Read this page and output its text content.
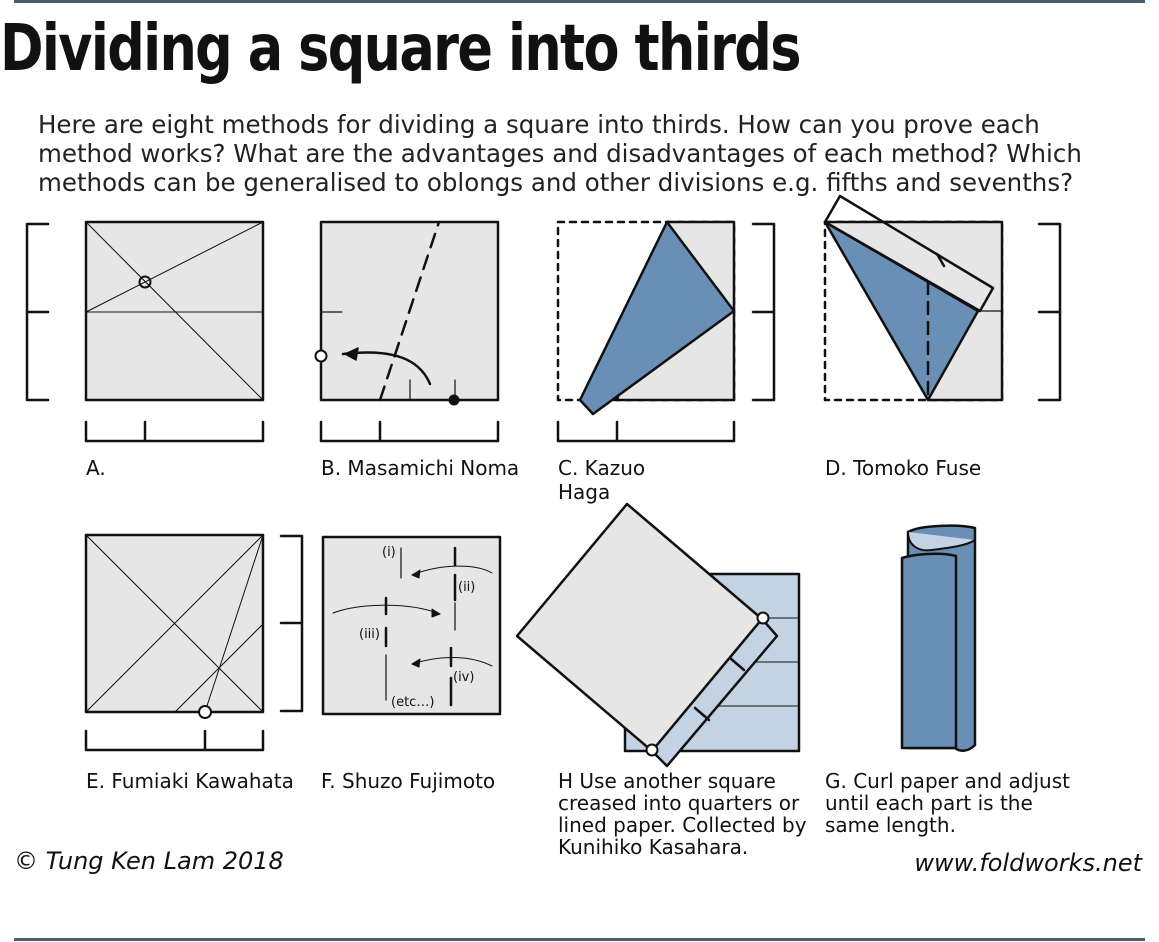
Dividing a square into thirds
Here are eight methods for dividing a square into thirds. How can you prove each method works? What are the advantages and disadvantages of each method? Which methods can be generalised to oblongs and other divisions e.g. fifths and sevenths?
(i)
(ii)
(iii)
(iv)
(etc…)
A.	B. Masamichi Noma C. Kazuo
Haga
D. Tomoko Fuse
E. Fumiaki Kawahata F. Shuzo Fujimoto	H Use another square creased into quarters or lined paper. Collected by Kunihiko Kasahara.
G. Curl paper and adjust until each part is the same length.
© Tung Ken Lam 2018	www.foldworks.net
